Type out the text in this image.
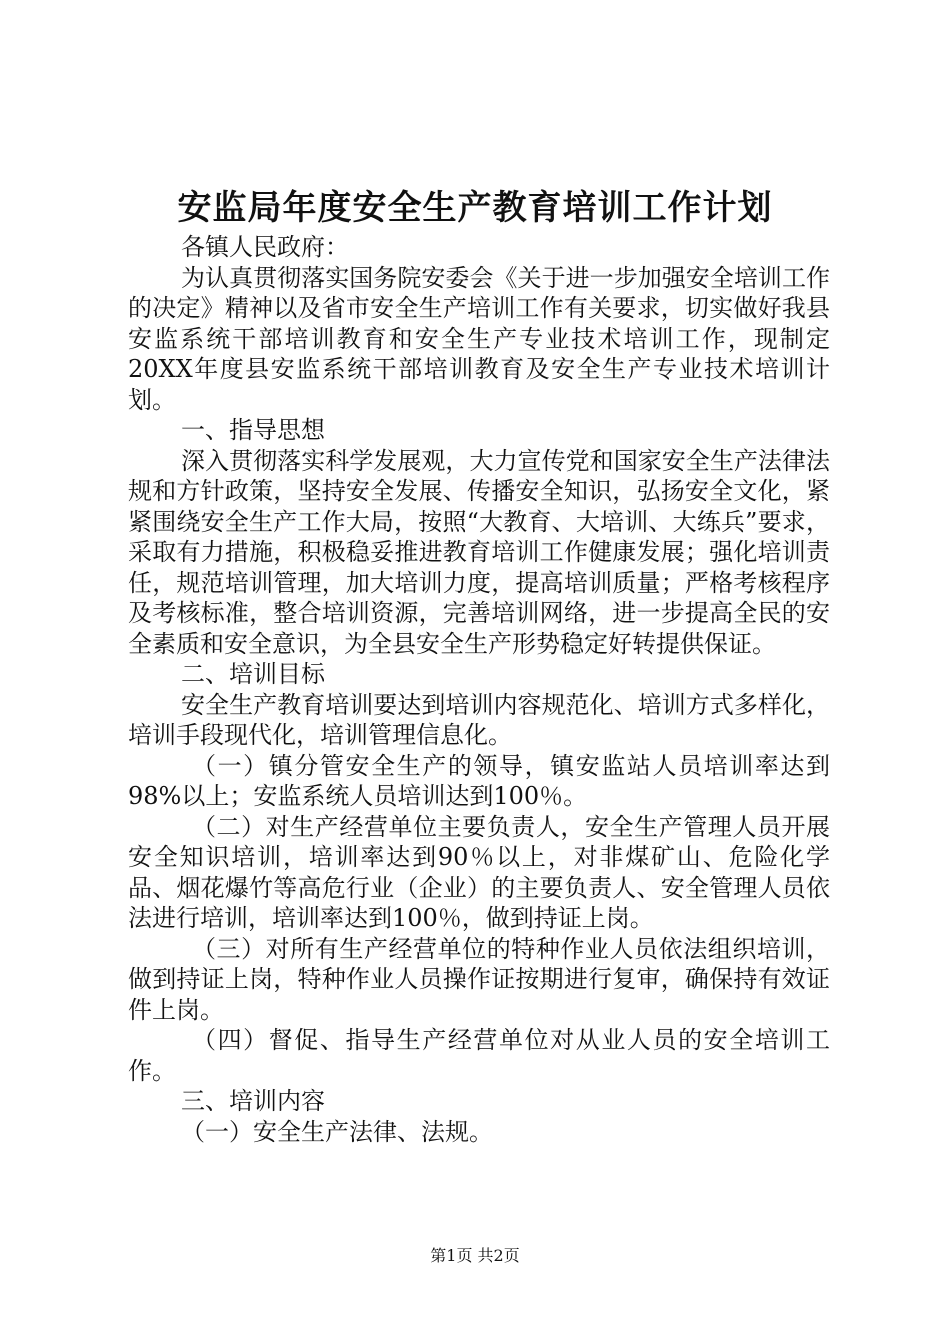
安监局年度安全生产教育培训工作计划

各镇人民政府：

为认真贯彻落实国务院安委会《关于进一步加强安全培训工作的决定》精神以及省市安全生产培训工作有关要求，切实做好我县安监系统干部培训教育和安全生产专业技术培训工作，现制定20XX年度县安监系统干部培训教育及安全生产专业技术培训计划。

一、指导思想

深入贯彻落实科学发展观，大力宣传党和国家安全生产法律法规和方针政策，坚持安全发展、传播安全知识，弘扬安全文化，紧紧围绕安全生产工作大局，按照“大教育、大培训、大练兵”要求，采取有力措施，积极稳妥推进教育培训工作健康发展；强化培训责任，规范培训管理，加大培训力度，提高培训质量；严格考核程序及考核标准，整合培训资源，完善培训网络，进一步提高全民的安全素质和安全意识，为全县安全生产形势稳定好转提供保证。

二、培训目标

安全生产教育培训要达到培训内容规范化、培训方式多样化，培训手段现代化，培训管理信息化。

（一）镇分管安全生产的领导，镇安监站人员培训率达到98%以上；安监系统人员培训达到100％。

（二）对生产经营单位主要负责人，安全生产管理人员开展安全知识培训，培训率达到90％以上，对非煤矿山、危险化学品、烟花爆竹等高危行业（企业）的主要负责人、安全管理人员依法进行培训，培训率达到100％，做到持证上岗。

（三）对所有生产经营单位的特种作业人员依法组织培训，做到持证上岗，特种作业人员操作证按期进行复审，确保持有效证件上岗。

（四）督促、指导生产经营单位对从业人员的安全培训工作。

三、培训内容

（一）安全生产法律、法规。

第1页 共2页
